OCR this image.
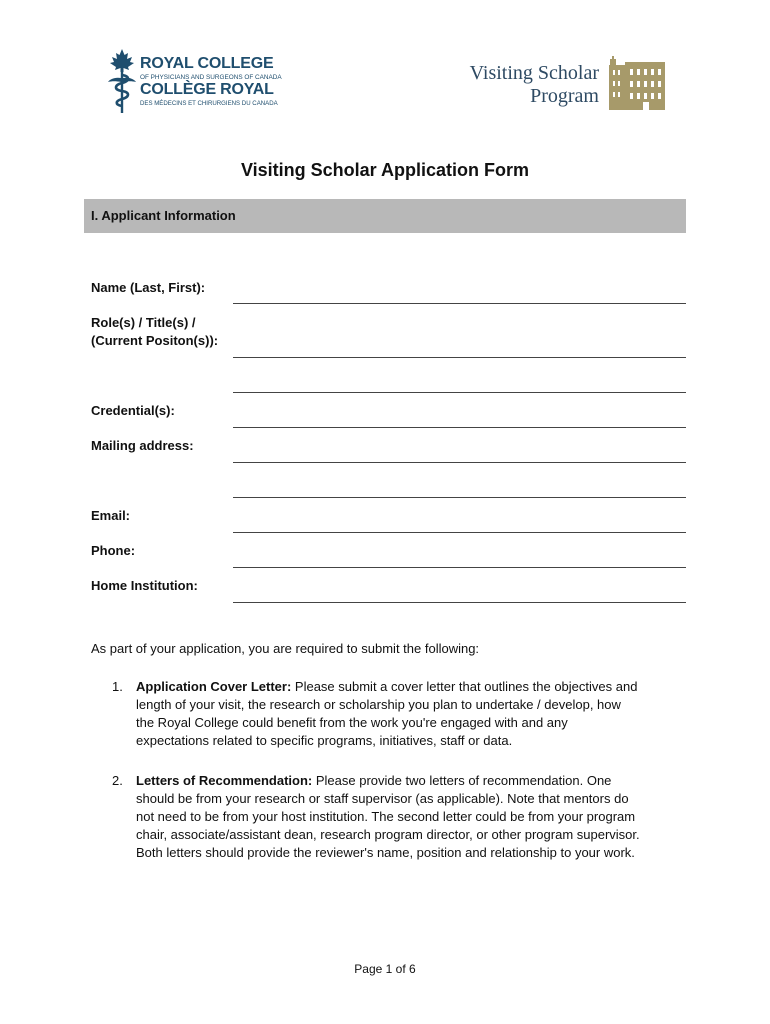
ROYAL COLLEGE
OF PHYSICIANS AND SURGEONS OF CANADA
COLLÈGE ROYAL
DES MÉDECINS ET CHIRURGIENS DU CANADA
Visiting Scholar
Program
Visiting Scholar Application Form
I. Applicant Information
Name (Last, First):
Role(s) / Title(s) /
(Current Positon(s)):
Credential(s):
Mailing address:
Email:
Phone:
Home Institution:
As part of your application, you are required to submit the following:
1. Application Cover Letter: Please submit a cover letter that outlines the objectives and
length of your visit, the research or scholarship you plan to undertake / develop, how
the Royal College could benefit from the work you're engaged with and any
expectations related to specific programs, initiatives, staff or data.
2. Letters of Recommendation: Please provide two letters of recommendation. One
should be from your research or staff supervisor (as applicable). Note that mentors do
not need to be from your host institution. The second letter could be from your program
chair, associate/assistant dean, research program director, or other program supervisor.
Both letters should provide the reviewer's name, position and relationship to your work.
Page 1 of 6
